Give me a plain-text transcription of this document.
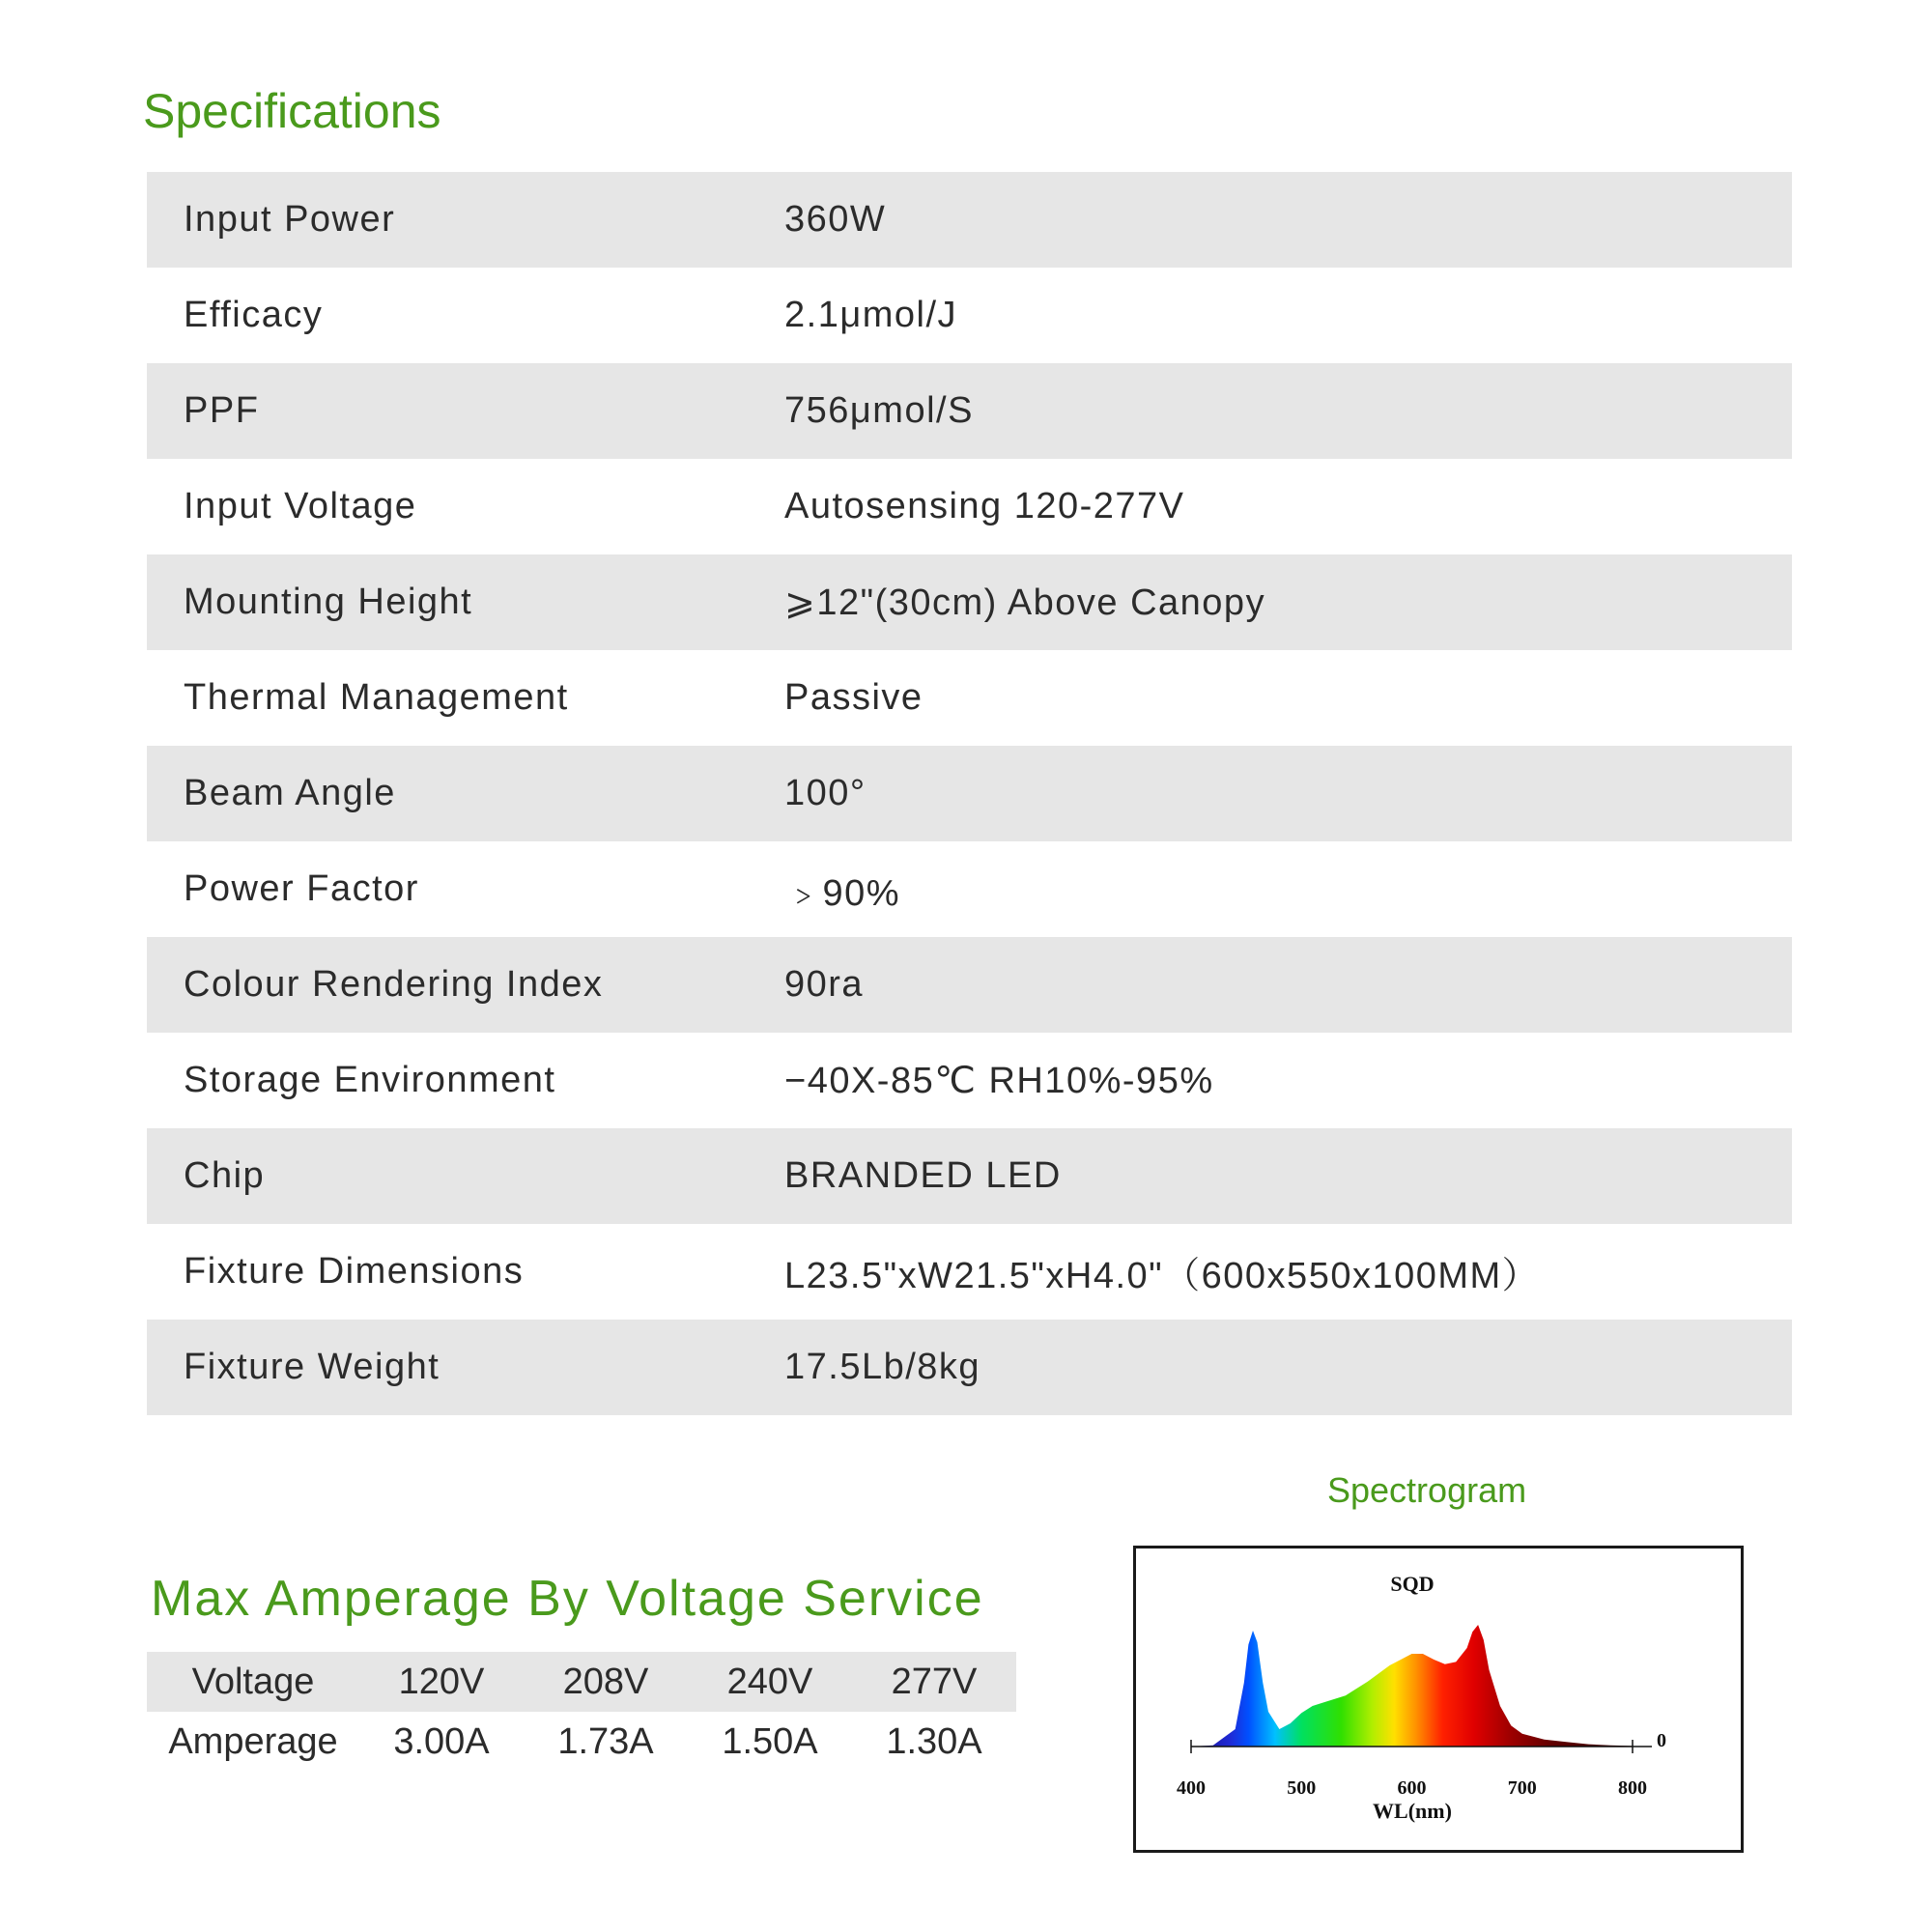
Specifications
Input Power	360W
Efficacy	2.1μmol/J
PPF	756μmol/S
Input Voltage	Autosensing 120-277V
Mounting Height	⩾12"(30cm) Above Canopy
Thermal Management	Passive
Beam Angle	100°
Power Factor	﹥90%
Colour Rendering Index	90ra
Storage Environment	−40X-85℃ RH10%-95%
Chip	BRANDED LED
Fixture Dimensions	L23.5"xW21.5"xH4.0"（600x550x100MM）
Fixture Weight	17.5Lb/8kg
Max Amperage By Voltage Service
Voltage	120V	208V	240V	277V
Amperage	3.00A	1.73A	1.50A	1.30A
Spectrogram
SQD
400	500	600	700	800
0
WL(nm)
